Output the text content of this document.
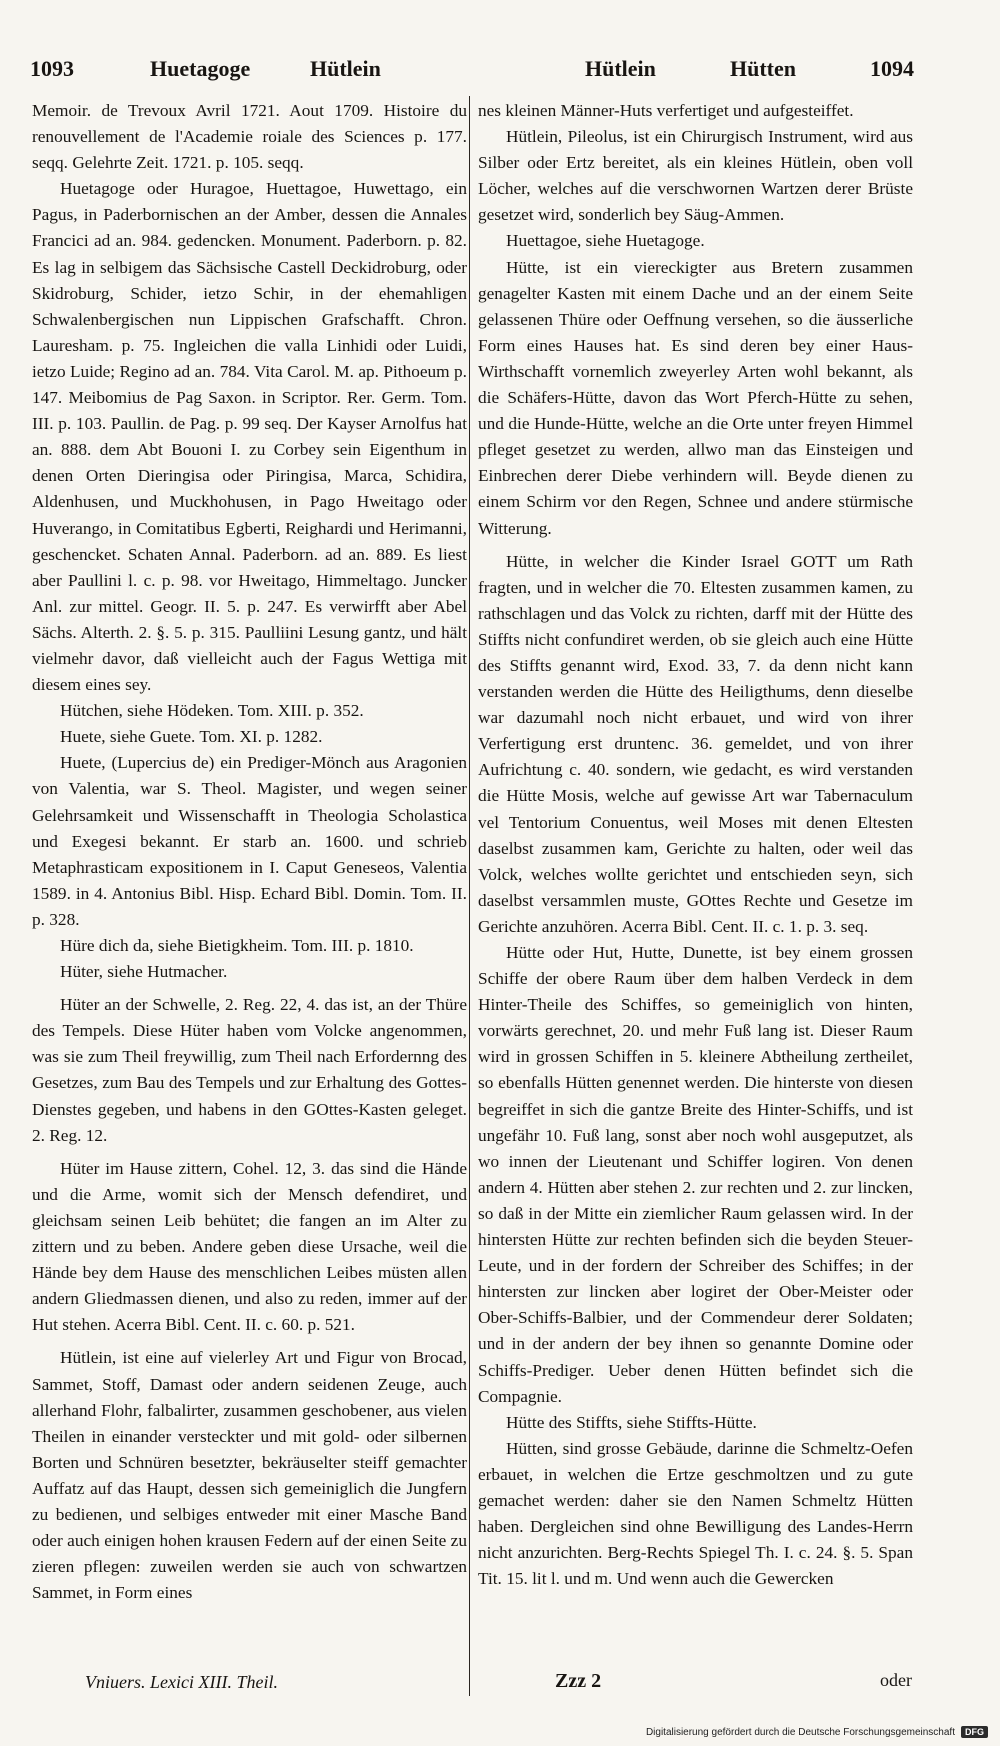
1093	Huetagoge	Hütlein	Hütlein	Hütten	1094

Memoir. de Trevoux Avril 1721. Aout 1709. Histoire du renouvellement de l'Academie roiale des Sciences p. 177. seqq. Gelehrte Zeit. 1721. p. 105. seqq.

Huetagoge oder Huragoe, Huettagoe, Huwettago, ein Pagus, in Paderbornischen an der Amber, dessen die Annales Francici ad an. 984. gedencken. Monument. Paderborn. p. 82. Es lag in selbigem das Sächsische Castell Deckidroburg, oder Skidroburg, Schider, ietzo Schir, in der ehemahligen Schwalenbergischen nun Lippischen Grafschafft. Chron. Lauresham. p. 75. Ingleichen die valla Linhidi oder Luidi, ietzo Luide; Regino ad an. 784. Vita Carol. M. ap. Pithoeum p. 147. Meibomius de Pag Saxon. in Scriptor. Rer. Germ. Tom. III. p. 103. Paullin. de Pag. p. 99 seq. Der Kayser Arnolfus hat an. 888. dem Abt Bouoni I. zu Corbey sein Eigenthum in denen Orten Dieringisa oder Piringisa, Marca, Schidira, Aldenhusen, und Muckhohusen, in Pago Hweitago oder Huverango, in Comitatibus Egberti, Reighardi und Herimanni, geschencket. Schaten Annal. Paderborn. ad an. 889. Es liest aber Paullini l. c. p. 98. vor Hweitago, Himmeltago. Juncker Anl. zur mittel. Geogr. II. 5. p. 247. Es verwirfft aber Abel Sächs. Alterth. 2. §. 5. p. 315. Paulliini Lesung gantz, und hält vielmehr davor, daß vielleicht auch der Fagus Wettiga mit diesem eines sey.

Hütchen, siehe Hödeken. Tom. XIII. p. 352.

Huete, siehe Guete. Tom. XI. p. 1282.

Huete, (Lupercius de) ein Prediger-Mönch aus Aragonien von Valentia, war S. Theol. Magister, und wegen seiner Gelehrsamkeit und Wissenschafft in Theologia Scholastica und Exegesi bekannt. Er starb an. 1600. und schrieb Metaphrasticam expositionem in I. Caput Geneseos, Valentia 1589. in 4. Antonius Bibl. Hisp. Echard Bibl. Domin. Tom. II. p. 328.

Hüre dich da, siehe Bietigkheim. Tom. III. p. 1810.

Hüter, siehe Hutmacher.

Hüter an der Schwelle, 2. Reg. 22, 4. das ist, an der Thüre des Tempels. Diese Hüter haben vom Volcke angenommen, was sie zum Theil freywillig, zum Theil nach Erfordernng des Gesetzes, zum Bau des Tempels und zur Erhaltung des Gottes-Dienstes gegeben, und habens in den GOttes-Kasten geleget. 2. Reg. 12.

Hüter im Hause zittern, Cohel. 12, 3. das sind die Hände und die Arme, womit sich der Mensch defendiret, und gleichsam seinen Leib behütet; die fangen an im Alter zu zittern und zu beben. Andere geben diese Ursache, weil die Hände bey dem Hause des menschlichen Leibes müsten allen andern Gliedmassen dienen, und also zu reden, immer auf der Hut stehen. Acerra Bibl. Cent. II. c. 60. p. 521.

Hütlein, ist eine auf vielerley Art und Figur von Brocad, Sammet, Stoff, Damast oder andern seidenen Zeuge, auch allerhand Flohr, falbalirter, zusammen geschobener, aus vielen Theilen in einander versteckter und mit gold- oder silbernen Borten und Schnüren besetzter, bekräuselter steiff gemachter Auffatz auf das Haupt, dessen sich gemeiniglich die Jungfern zu bedienen, und selbiges entweder mit einer Masche Band oder auch einigen hohen krausen Federn auf der einen Seite zu zieren pflegen: zuweilen werden sie auch von schwartzen Sammet, in Form eines

nes kleinen Männer-Huts verfertiget und aufgesteiffet.

Hütlein, Pileolus, ist ein Chirurgisch Instrument, wird aus Silber oder Ertz bereitet, als ein kleines Hütlein, oben voll Löcher, welches auf die verschwornen Wartzen derer Brüste gesetzet wird, sonderlich bey Säug-Ammen.

Huettagoe, siehe Huetagoge.

Hütte, ist ein viereckigter aus Bretern zusammen genagelter Kasten mit einem Dache und an der einem Seite gelassenen Thüre oder Oeffnung versehen, so die äusserliche Form eines Hauses hat. Es sind deren bey einer Haus-Wirthschafft vornemlich zweyerley Arten wohl bekannt, als die Schäfers-Hütte, davon das Wort Pferch-Hütte zu sehen, und die Hunde-Hütte, welche an die Orte unter freyen Himmel pfleget gesetzet zu werden, allwo man das Einsteigen und Einbrechen derer Diebe verhindern will. Beyde dienen zu einem Schirm vor den Regen, Schnee und andere stürmische Witterung.

Hütte, in welcher die Kinder Israel GOTT um Rath fragten, und in welcher die 70. Eltesten zusammen kamen, zu rathschlagen und das Volck zu richten, darff mit der Hütte des Stiffts nicht confundiret werden, ob sie gleich auch eine Hütte des Stiffts genannt wird, Exod. 33, 7. da denn nicht kann verstanden werden die Hütte des Heiligthums, denn dieselbe war dazumahl noch nicht erbauet, und wird von ihrer Verfertigung erst druntenc. 36. gemeldet, und von ihrer Aufrichtung c. 40. sondern, wie gedacht, es wird verstanden die Hütte Mosis, welche auf gewisse Art war Tabernaculum vel Tentorium Conuentus, weil Moses mit denen Eltesten daselbst zusammen kam, Gerichte zu halten, oder weil das Volck, welches wollte gerichtet und entschieden seyn, sich daselbst versammlen muste, GOttes Rechte und Gesetze im Gerichte anzuhören. Acerra Bibl. Cent. II. c. 1. p. 3. seq.

Hütte oder Hut, Hutte, Dunette, ist bey einem grossen Schiffe der obere Raum über dem halben Verdeck in dem Hinter-Theile des Schiffes, so gemeiniglich von hinten, vorwärts gerechnet, 20. und mehr Fuß lang ist. Dieser Raum wird in grossen Schiffen in 5. kleinere Abtheilung zertheilet, so ebenfalls Hütten genennet werden. Die hinterste von diesen begreiffet in sich die gantze Breite des Hinter-Schiffs, und ist ungefähr 10. Fuß lang, sonst aber noch wohl ausgeputzet, als wo innen der Lieutenant und Schiffer logiren. Von denen andern 4. Hütten aber stehen 2. zur rechten und 2. zur lincken, so daß in der Mitte ein ziemlicher Raum gelassen wird. In der hintersten Hütte zur rechten befinden sich die beyden Steuer-Leute, und in der fordern der Schreiber des Schiffes; in der hintersten zur lincken aber logiret der Ober-Meister oder Ober-Schiffs-Balbier, und der Commendeur derer Soldaten; und in der andern der bey ihnen so genannte Domine oder Schiffs-Prediger. Ueber denen Hütten befindet sich die Compagnie.

Hütte des Stiffts, siehe Stiffts-Hütte.

Hütten, sind grosse Gebäude, darinne die Schmeltz-Oefen erbauet, in welchen die Ertze geschmoltzen und zu gute gemachet werden: daher sie den Namen Schmeltz Hütten haben. Dergleichen sind ohne Bewilligung des Landes-Herrn nicht anzurichten. Berg-Rechts Spiegel Th. I. c. 24. §. 5. Span Tit. 15. lit l. und m. Und wenn auch die Gewercken

Vniuers. Lexici XIII. Theil.	Zzz 2	oder
Digitalisierung gefördert durch die Deutsche Forschungsgemeinschaft	DFG
